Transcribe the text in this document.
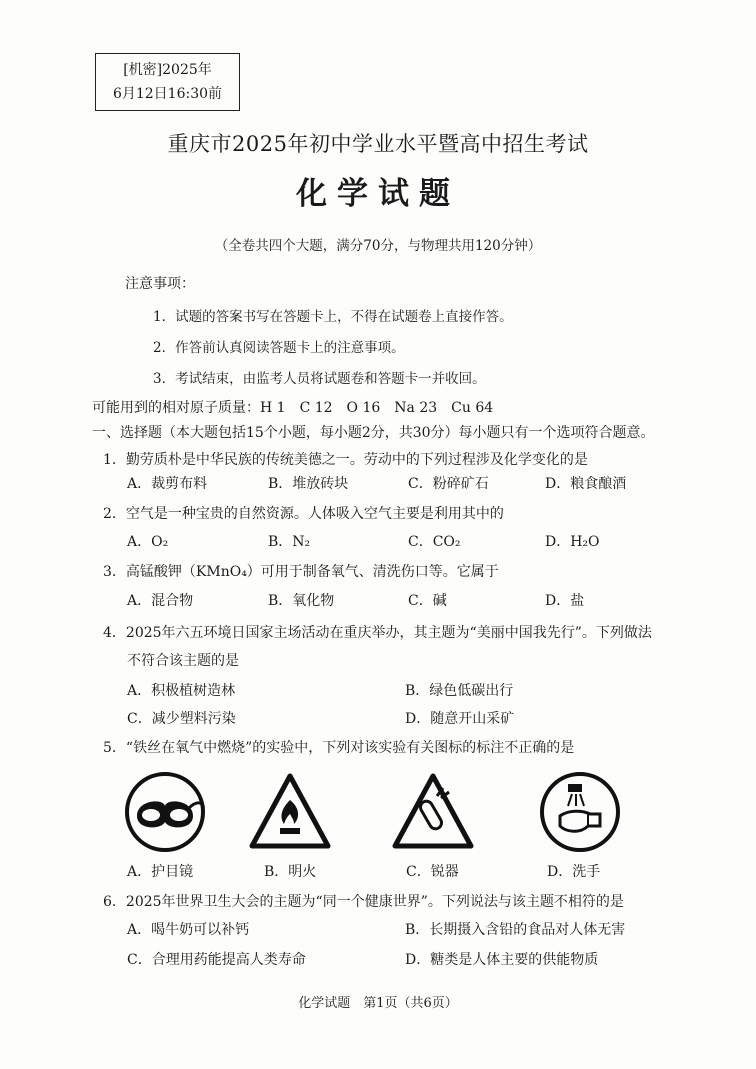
[机密]2025年
6月12日16:30前
重庆市2025年初中学业水平暨高中招生考试
化学试题
（全卷共四个大题，满分70分，与物理共用120分钟）
注意事项：
1．试题的答案书写在答题卡上，不得在试题卷上直接作答。
2．作答前认真阅读答题卡上的注意事项。
3．考试结束，由监考人员将试题卷和答题卡一并收回。
可能用到的相对原子质量：H 1　C 12　O 16　Na 23　Cu 64
一、选择题（本大题包括15个小题，每小题2分，共30分）每小题只有一个选项符合题意。
1．勤劳质朴是中华民族的传统美德之一。劳动中的下列过程涉及化学变化的是
A．裁剪布料	B．堆放砖块	C．粉碎矿石	D．粮食酿酒
2．空气是一种宝贵的自然资源。人体吸入空气主要是利用其中的
A．O₂	B．N₂	C．CO₂	D．H₂O
3．高锰酸钾（KMnO₄）可用于制备氧气、清洗伤口等。它属于
A．混合物	B．氧化物	C．碱	D．盐
4．2025年六五环境日国家主场活动在重庆举办，其主题为“美丽中国我先行”。下列做法
不符合该主题的是
A．积极植树造林	B．绿色低碳出行
C．减少塑料污染	D．随意开山采矿
5．“铁丝在氧气中燃烧”的实验中，下列对该实验有关图标的标注不正确的是
A．护目镜	B．明火	C．锐器	D．洗手
6．2025年世界卫生大会的主题为“同一个健康世界”。下列说法与该主题不相符的是
A．喝牛奶可以补钙	B．长期摄入含铅的食品对人体无害
C．合理用药能提高人类寿命	D．糖类是人体主要的供能物质
化学试题　第1页（共6页）
